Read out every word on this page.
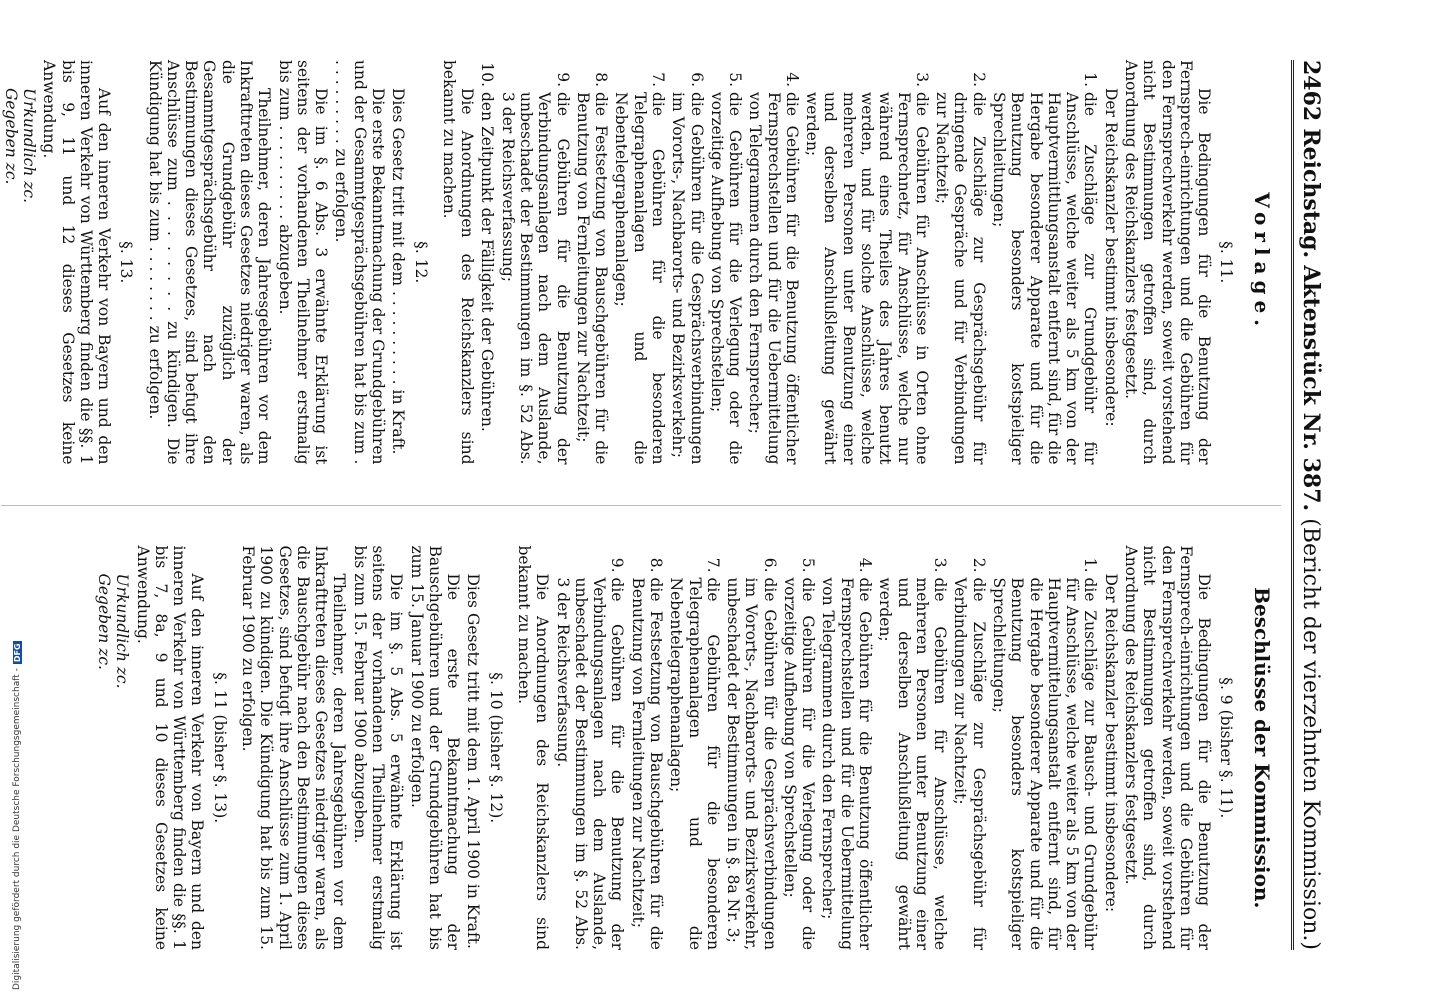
2462
Reichstag.
Aktenstück Nr. 387.
(Bericht der vierzehnten Kommission.)
Vorlage.
§. 11.

Die Bedingungen für die Benutzung der Fernsprech-einrichtungen und die Gebühren für den Fernsprechverkehr werden, soweit vorstehend nicht Bestimmungen getroffen sind, durch Anordnung des Reichskanzlers festgesetzt.

Der Reichskanzler bestimmt insbesondere:

1. die Zuschläge zur Grundgebühr für Anschlüsse, welche weiter als 5 km von der Hauptvermittlungsanstalt entfernt sind, für die Hergabe besonderer Apparate und für die Benutzung besonders kostspieliger Sprechleitungen;
2. die Zuschläge zur Gesprächsgebühr für dringende Gespräche und für Verbindungen zur Nachtzeit;
3. die Gebühren für Anschlüsse in Orten ohne Fernsprechnetz, für Anschlüsse, welche nur während eines Theiles des Jahres benutzt werden, und für solche Anschlüsse, welche mehreren Personen unter Benutzung einer und derselben Anschlußleitung gewährt werden;
4. die Gebühren für die Benutzung öffentlicher Fernsprechstellen und für die Uebermittelung von Telegrammen durch den Fernsprecher;
5. die Gebühren für die Verlegung oder die vorzeitige Aufhebung von Sprechstellen;
6. die Gebühren für die Gesprächsverbindungen im Vororts-, Nachbarorts- und Bezirksverkehr;
7. die Gebühren für die besonderen Telegraphenanlagen und die Nebentelegraphenanlagen;
8. die Festsetzung von Bauschgebühren für die Benutzung von Fernleitungen zur Nachtzeit;
9. die Gebühren für die Benutzung der Verbindungsanlagen nach dem Auslande, unbeschadet der Bestimmungen im §. 52 Abs. 3 der Reichsverfassung;
10. den Zeitpunkt der Fälligkeit der Gebühren.

Die Anordnungen des Reichskanzlers sind bekannt zu machen.

§. 12.

Dies Gesetz tritt mit dem . . . . . . . . . . in Kraft.

Die erste Bekanntmachung der Grundgebühren und der Gesammtgesprächsgebühren hat bis zum . . . . . . . . . . zu erfolgen.

Die im §. 6 Abs. 3 erwähnte Erklärung ist seitens der vorhandenen Theilnehmer erstmalig bis zum . . . . . . . . . . abzugeben.

Theilnehmer, deren Jahresgebühren vor dem Inkrafttreten dieses Gesetzes niedriger waren, als die Grundgebühr zuzüglich der Gesammtgesprächsgebühr nach den Bestimmungen dieses Gesetzes, sind befugt ihre Anschlüsse zum . . . . . . . . zu kündigen. Die Kündigung hat bis zum . . . . . . . . zu erfolgen.

§. 13.

Auf den inneren Verkehr von Bayern und den inneren Verkehr von Württemberg finden die §§. 1 bis 9, 11 und 12 dieses Gesetzes keine Anwendung.

Urkundlich zc.
Gegeben zc.
Beschlüsse der Kommission.
§. 9 (bisher §. 11).

Die Bedingungen für die Benutzung der Fernsprech-einrichtungen und die Gebühren für den Fernsprechverkehr werden, soweit vorstehend nicht Bestimmungen getroffen sind, durch Anordnung des Reichskanzlers festgesetzt.

Der Reichskanzler bestimmt insbesondere:

1. die Zuschläge zur Bausch- und Grundgebühr für Anschlüsse, welche weiter als 5 km von der Hauptvermittelungsanstalt entfernt sind, für die Hergabe besonderer Apparate und für die Benutzung besonders kostspieliger Sprechleitungen;
2. die Zuschläge zur Gesprächsgebühr für Verbindungen zur Nachtzeit;
3. die Gebühren für Anschlüsse, welche mehreren Personen unter Benutzung einer und derselben Anschlußleitung gewährt werden;
4. die Gebühren für die Benutzung öffentlicher Fernsprechstellen und für die Uebermittelung von Telegrammen durch den Fernsprecher;
5. die Gebühren für die Verlegung oder die vorzeitige Aufhebung von Sprechstellen;
6. die Gebühren für die Gesprächsverbindungen im Vororts-, Nachbarorts- und Bezirksverkehr, unbeschadet der Bestimmungen in §. 8a Nr. 3;
7. die Gebühren für die besonderen Telegraphenanlagen und die Nebentelegraphenanlagen;
8. die Festsetzung von Bauschgebühren für die Benutzung von Fernleitungen zur Nachtzeit;
9. die Gebühren für die Benutzung der Verbindungsanlagen nach dem Auslande, unbeschadet der Bestimmungen im §. 52 Abs. 3 der Reichsverfassung.

Die Anordnungen des Reichskanzlers sind bekannt zu machen.

§. 10 (bisher §. 12).

Dies Gesetz tritt mit dem 1. April 1900 in Kraft.

Die erste Bekanntmachung der Bauschgebühren und der Grundgebühren hat bis zum 15. Januar 1900 zu erfolgen.

Die im §. 5 Abs. 5 erwähnte Erklärung ist seitens der vorhandenen Theilnehmer erstmalig bis zum 15. Februar 1900 abzugeben.

Theilnehmer, deren Jahresgebühren vor dem Inkrafttreten dieses Gesetzes niedriger waren, als die Bauschgebühr nach den Bestimmungen dieses Gesetzes, sind befugt ihre Anschlüsse zum 1. April 1900 zu kündigen. Die Kündigung hat bis zum 15. Februar 1900 zu erfolgen.

§. 11 (bisher §. 13).

Auf den inneren Verkehr von Bayern und den inneren Verkehr von Württemberg finden die §§. 1 bis 7, 8a, 9 und 10 dieses Gesetzes keine Anwendung.

Urkundlich zc.
Gegeben zc.
Digitalisierung gefördert durch die Deutsche Forschungsgemeinschaft -
DFG
